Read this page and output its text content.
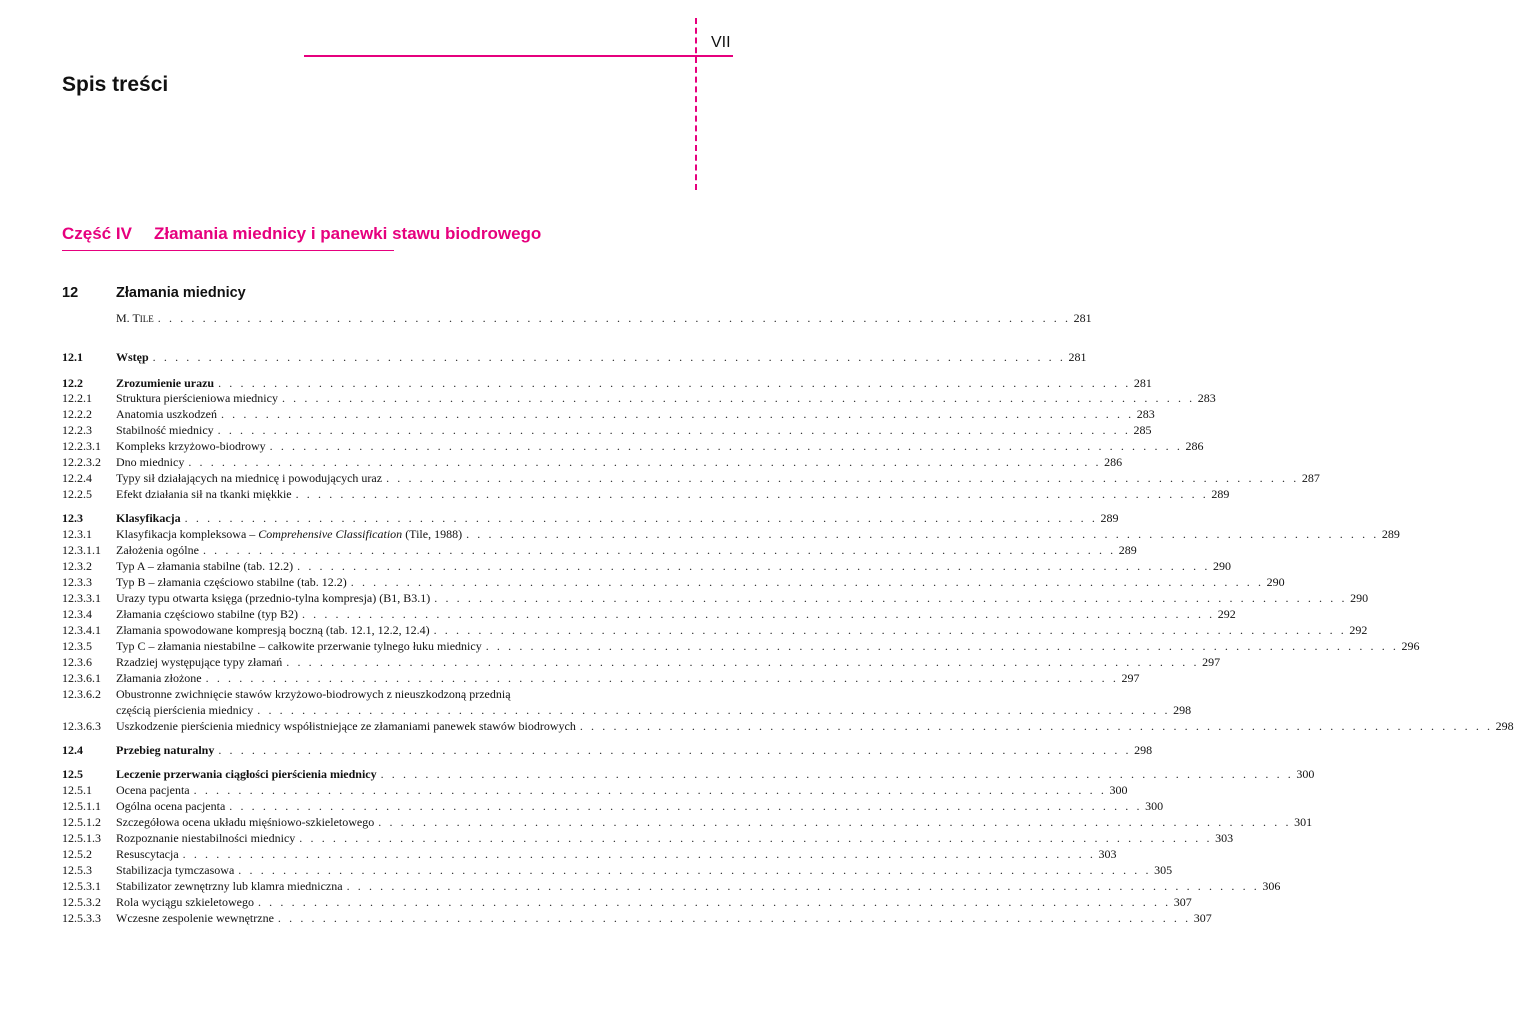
VII
Spis treści
Część IV Złamania miednicy i panewki stawu biodrowego
12	Złamania miednicy
M. TILE . . . . . . . . . . . . . . . . . . . . . . . . . . . . . . . . . . . . . . . . . . . . . . . . . . . . . . . . . . . . . . . . . . . . . . . . . . . . . . . . . . 281
12.1	Wstęp . . . . . . . . . . . . . . . . . . . . . . . . . . . . . . . . . . . . . . . . . . . . . . . . . . . . . . . . . . . . . . . . . . . . . . . . . . . . . . . . . . 281
12.2	Zrozumienie urazu . . . . . . . . . . . . . . . . . . . . . . . . . . . . . . . . . . . . . . . . . . . . . . . . . . . . . . . . . . . . . . . . . . . . . . . . . . . . . . . . . . 281
12.2.1	Struktura pierścieniowa miednicy . . . . . . . . . . . . . . . . . . . . . . . . . . . . . . . . . . . . . . . . . . . . . . . . . . . . . . . . . . . . . . . . . . . . . . . . . . . . . . . . . . 283
12.2.2	Anatomia uszkodzeń . . . . . . . . . . . . . . . . . . . . . . . . . . . . . . . . . . . . . . . . . . . . . . . . . . . . . . . . . . . . . . . . . . . . . . . . . . . . . . . . . . 283
12.2.3	Stabilność miednicy . . . . . . . . . . . . . . . . . . . . . . . . . . . . . . . . . . . . . . . . . . . . . . . . . . . . . . . . . . . . . . . . . . . . . . . . . . . . . . . . . . 285
12.2.3.1	Kompleks krzyżowo-biodrowy . . . . . . . . . . . . . . . . . . . . . . . . . . . . . . . . . . . . . . . . . . . . . . . . . . . . . . . . . . . . . . . . . . . . . . . . . . . . . . . . . . 286
12.2.3.2	Dno miednicy . . . . . . . . . . . . . . . . . . . . . . . . . . . . . . . . . . . . . . . . . . . . . . . . . . . . . . . . . . . . . . . . . . . . . . . . . . . . . . . . . . 286
12.2.4	Typy sił działających na miednicę i powodujących uraz . . . . . . . . . . . . . . . . . . . . . . . . . . . . . . . . . . . . . . . . . . . . . . . . . . . . . . . . . . . . . . . . . . . . . . . . . . . . . . . . . . 287
12.2.5	Efekt działania sił na tkanki miękkie . . . . . . . . . . . . . . . . . . . . . . . . . . . . . . . . . . . . . . . . . . . . . . . . . . . . . . . . . . . . . . . . . . . . . . . . . . . . . . . . . . 289
12.3	Klasyfikacja . . . . . . . . . . . . . . . . . . . . . . . . . . . . . . . . . . . . . . . . . . . . . . . . . . . . . . . . . . . . . . . . . . . . . . . . . . . . . . . . . . 289
12.3.1	Klasyfikacja kompleksowa – Comprehensive Classification (Tile, 1988) . . . . . . . . . . . . . . . . . . . . . . . . . . . . . . . . . . . . . . . . . . . . . . . . . . . . . . . . . . . . . . . . . . . . . . . . . . . . . . . . . . 289
12.3.1.1	Założenia ogólne . . . . . . . . . . . . . . . . . . . . . . . . . . . . . . . . . . . . . . . . . . . . . . . . . . . . . . . . . . . . . . . . . . . . . . . . . . . . . . . . . . 289
12.3.2	Typ A – złamania stabilne (tab. 12.2) . . . . . . . . . . . . . . . . . . . . . . . . . . . . . . . . . . . . . . . . . . . . . . . . . . . . . . . . . . . . . . . . . . . . . . . . . . . . . . . . . . 290
12.3.3	Typ B – złamania częściowo stabilne (tab. 12.2) . . . . . . . . . . . . . . . . . . . . . . . . . . . . . . . . . . . . . . . . . . . . . . . . . . . . . . . . . . . . . . . . . . . . . . . . . . . . . . . . . . 290
12.3.3.1	Urazy typu otwarta księga (przednio-tylna kompresja) (B1, B3.1) . . . . . . . . . . . . . . . . . . . . . . . . . . . . . . . . . . . . . . . . . . . . . . . . . . . . . . . . . . . . . . . . . . . . . . . . . . . . . . . . . . 290
12.3.4	Złamania częściowo stabilne (typ B2) . . . . . . . . . . . . . . . . . . . . . . . . . . . . . . . . . . . . . . . . . . . . . . . . . . . . . . . . . . . . . . . . . . . . . . . . . . . . . . . . . . 292
12.3.4.1	Złamania spowodowane kompresją boczną (tab. 12.1, 12.2, 12.4) . . . . . . . . . . . . . . . . . . . . . . . . . . . . . . . . . . . . . . . . . . . . . . . . . . . . . . . . . . . . . . . . . . . . . . . . . . . . . . . . . . 292
12.3.5	Typ C – złamania niestabilne – całkowite przerwanie tylnego łuku miednicy . . . . . . . . . . . . . . . . . . . . . . . . . . . . . . . . . . . . . . . . . . . . . . . . . . . . . . . . . . . . . . . . . . . . . . . . . . . . . . . . . . 296
12.3.6	Rzadziej występujące typy złamań . . . . . . . . . . . . . . . . . . . . . . . . . . . . . . . . . . . . . . . . . . . . . . . . . . . . . . . . . . . . . . . . . . . . . . . . . . . . . . . . . . 297
12.3.6.1	Złamania złożone . . . . . . . . . . . . . . . . . . . . . . . . . . . . . . . . . . . . . . . . . . . . . . . . . . . . . . . . . . . . . . . . . . . . . . . . . . . . . . . . . . 297
12.3.6.2	Obustronne zwichnięcie stawów krzyżowo-biodrowych z nieuszkodzoną przednią
częścią pierścienia miednicy . . . . . . . . . . . . . . . . . . . . . . . . . . . . . . . . . . . . . . . . . . . . . . . . . . . . . . . . . . . . . . . . . . . . . . . . . . . . . . . . . . 298
12.3.6.3	Uszkodzenie pierścienia miednicy współistniejące ze złamaniami panewek stawów biodrowych . . . . . . . . . . . . . . . . . . . . . . . . . . . . . . . . . . . . . . . . . . . . . . . . . . . . . . . . . . . . . . . . . . . . . . . . . . . . . . . . . . 298
12.4	Przebieg naturalny . . . . . . . . . . . . . . . . . . . . . . . . . . . . . . . . . . . . . . . . . . . . . . . . . . . . . . . . . . . . . . . . . . . . . . . . . . . . . . . . . . 298
12.5	Leczenie przerwania ciągłości pierścienia miednicy . . . . . . . . . . . . . . . . . . . . . . . . . . . . . . . . . . . . . . . . . . . . . . . . . . . . . . . . . . . . . . . . . . . . . . . . . . . . . . . . . . 300
12.5.1	Ocena pacjenta . . . . . . . . . . . . . . . . . . . . . . . . . . . . . . . . . . . . . . . . . . . . . . . . . . . . . . . . . . . . . . . . . . . . . . . . . . . . . . . . . . 300
12.5.1.1	Ogólna ocena pacjenta . . . . . . . . . . . . . . . . . . . . . . . . . . . . . . . . . . . . . . . . . . . . . . . . . . . . . . . . . . . . . . . . . . . . . . . . . . . . . . . . . . 300
12.5.1.2	Szczegółowa ocena układu mięśniowo-szkieletowego . . . . . . . . . . . . . . . . . . . . . . . . . . . . . . . . . . . . . . . . . . . . . . . . . . . . . . . . . . . . . . . . . . . . . . . . . . . . . . . . . . 301
12.5.1.3	Rozpoznanie niestabilności miednicy . . . . . . . . . . . . . . . . . . . . . . . . . . . . . . . . . . . . . . . . . . . . . . . . . . . . . . . . . . . . . . . . . . . . . . . . . . . . . . . . . . 303
12.5.2	Resuscytacja . . . . . . . . . . . . . . . . . . . . . . . . . . . . . . . . . . . . . . . . . . . . . . . . . . . . . . . . . . . . . . . . . . . . . . . . . . . . . . . . . . 303
12.5.3	Stabilizacja tymczasowa . . . . . . . . . . . . . . . . . . . . . . . . . . . . . . . . . . . . . . . . . . . . . . . . . . . . . . . . . . . . . . . . . . . . . . . . . . . . . . . . . . 305
12.5.3.1	Stabilizator zewnętrzny lub klamra miedniczna . . . . . . . . . . . . . . . . . . . . . . . . . . . . . . . . . . . . . . . . . . . . . . . . . . . . . . . . . . . . . . . . . . . . . . . . . . . . . . . . . . 306
12.5.3.2	Rola wyciągu szkieletowego . . . . . . . . . . . . . . . . . . . . . . . . . . . . . . . . . . . . . . . . . . . . . . . . . . . . . . . . . . . . . . . . . . . . . . . . . . . . . . . . . . 307
12.5.3.3	Wczesne zespolenie wewnętrzne . . . . . . . . . . . . . . . . . . . . . . . . . . . . . . . . . . . . . . . . . . . . . . . . . . . . . . . . . . . . . . . . . . . . . . . . . . . . . . . . . . 307
